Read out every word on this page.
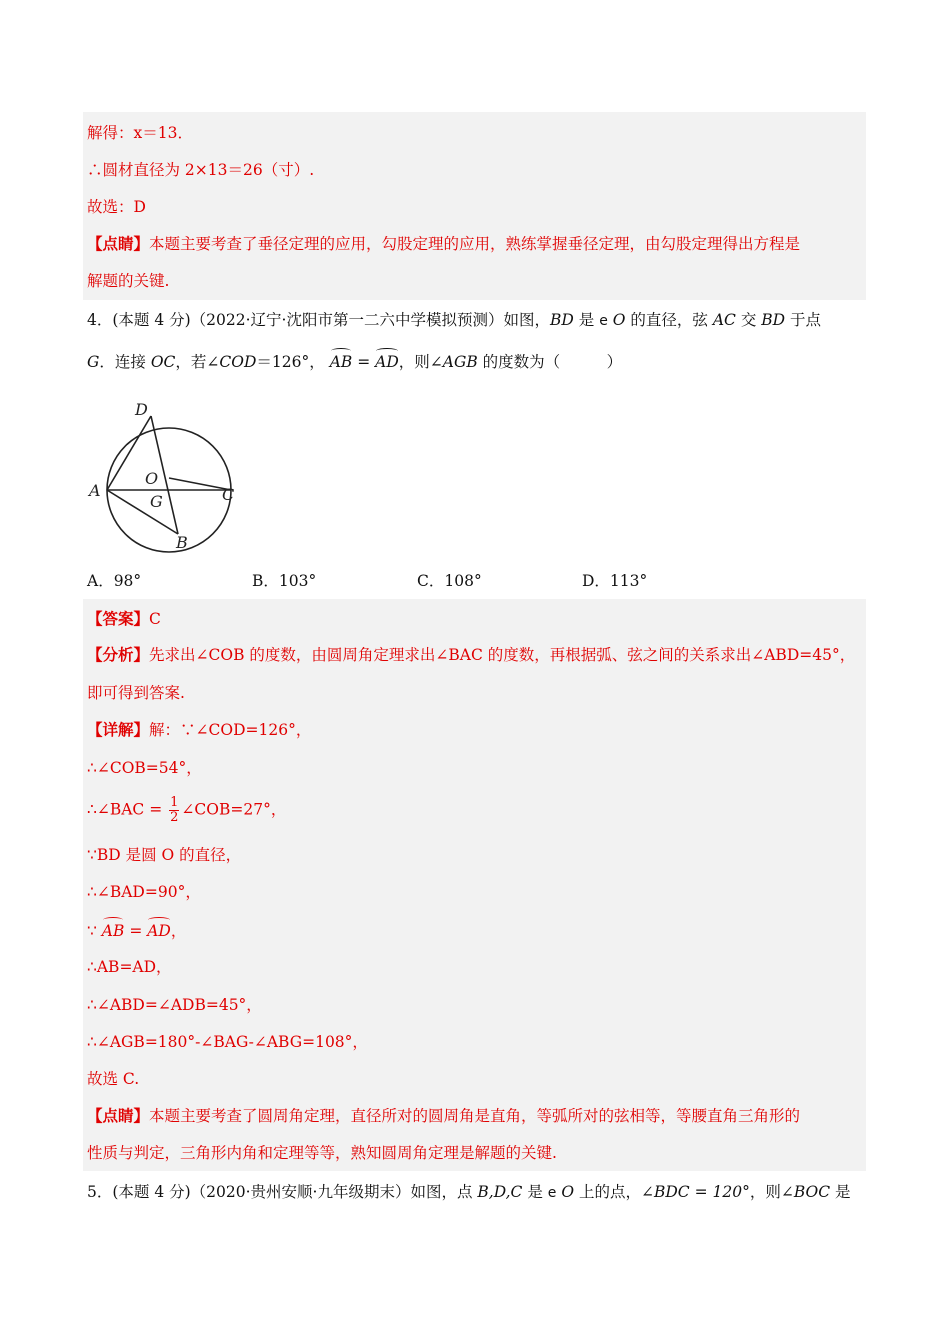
解得：x＝13．
∴圆材直径为 2×13＝26（寸）.
故选：D
【点睛】本题主要考查了垂径定理的应用，勾股定理的应用，熟练掌握垂径定理，由勾股定理得出方程是
解题的关键.
4．(本题 4 分)（2022·辽宁·沈阳市第一二六中学模拟预测）如图，BD 是 e O 的直径，弦 AC 交 BD 于点
G．连接 OC，若∠COD＝126°， AB = AD，则∠AGB 的度数为（　　　）
D
O
A
G	C
B
A．98°	B．103°	C．108°	D．113°
【答案】C
【分析】先求出∠COB 的度数，由圆周角定理求出∠BAC 的度数，再根据弧、弦之间的关系求出∠ABD=45°，
即可得到答案.
【详解】解：∵∠COD=126°，
∴∠COB=54°，
∴∠BAC = $\frac{1}{2}$ ∠COB=27°，
∵BD 是圆 O 的直径，
∴∠BAD=90°，
∵ AB = AD，
∴AB=AD，
∴∠ABD=∠ADB=45°，
∴∠AGB=180°-∠BAG-∠ABG=108°，
故选 C.
【点睛】本题主要考查了圆周角定理，直径所对的圆周角是直角，等弧所对的弦相等，等腰直角三角形的
性质与判定，三角形内角和定理等等，熟知圆周角定理是解题的关键.
5．(本题 4 分)（2020·贵州安顺·九年级期末）如图，点 B,D,C 是 e O 上的点，∠BDC = 120°，则∠BOC 是
